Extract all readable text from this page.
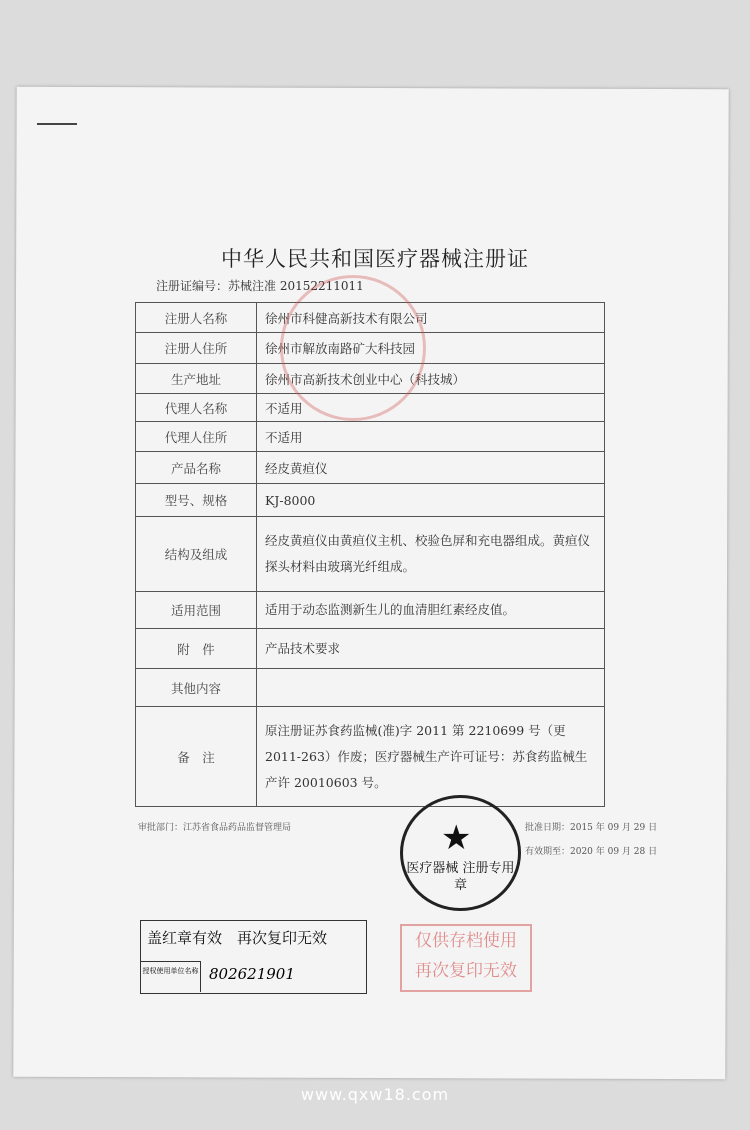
中华人民共和国医疗器械注册证
注册证编号：苏械注准 20152211011
注册人名称	徐州市科健高新技术有限公司
注册人住所	徐州市解放南路矿大科技园
生产地址	徐州市高新技术创业中心（科技城）
代理人名称	不适用
代理人住所	不适用
产品名称	经皮黄疸仪
型号、规格	KJ-8000
结构及组成	经皮黄疸仪由黄疸仪主机、校验色屏和充电器组成。黄疸仪探头材料由玻璃光纤组成。
适用范围	适用于动态监测新生儿的血清胆红素经皮值。
附　件	产品技术要求
其他内容	
备　注	原注册证苏食药监械(准)字 2011 第 2210699 号（更 2011-263）作废；医疗器械生产许可证号：苏食药监械生产许 20010603 号。
盖红章有效　再次复印无效
授权使用单位名称 802621901
仅供存档使用
再次复印无效
审批部门：江苏省食品药品监督管理局	批准日期：2015 年 09 月 29 日
有效期至：2020 年 09 月 28 日
★
医疗器械 注册专用章
www.qxw18.com
